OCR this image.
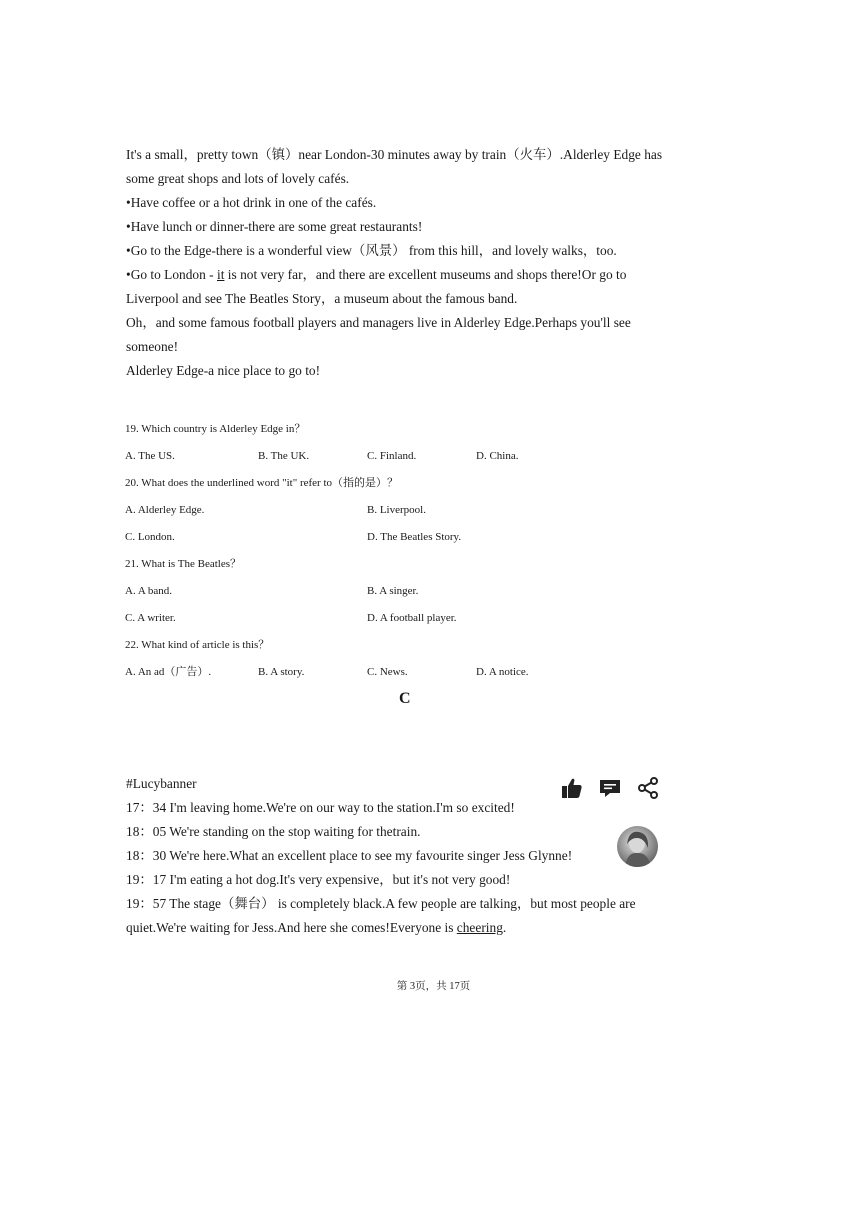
It's a small，pretty town（镇）near London-30 minutes away by train（火车）.Alderley Edge has some great shops and lots of lovely cafés.

•Have coffee or a hot drink in one of the cafés.

•Have lunch or dinner-there are some great restaurants!

•Go to the Edge-there is a wonderful view（风景） from this hill，and lovely walks，too.

•Go to London - it is not very far，and there are excellent museums and shops there!Or go to Liverpool and see The Beatles Story，a museum about the famous band.

Oh，and some famous football players and managers live in Alderley Edge.Perhaps you'll see someone!

Alderley Edge-a nice place to go to!

19. Which country is Alderley Edge in？

A. The US.	B. The UK.	C. Finland.	D. China.

20. What does the underlined word "it" refer to（指的是）？

A. Alderley Edge.	B. Liverpool.
C. London.	D. The Beatles Story.

21. What is The Beatles？

A. A band.	B. A singer.
C. A writer.	D. A football player.

22. What kind of article is this？

A. An ad（广告）.	B. A story.	C. News.	D. A notice.
C

#Lucybanner

17：34 I'm leaving home.We're on our way to the station.I'm so excited!

18：05 We're standing on the stop waiting for thetrain.

18：30 We're here.What an excellent place to see my favourite singer Jess Glynne!

19：17 I'm eating a hot dog.It's very expensive，but it's not very good!

19：57 The stage（舞台） is completely black.A few people are talking，but most people are quiet.We're waiting for Jess.And here she comes!Everyone is cheering.

第 3页，共 17页
